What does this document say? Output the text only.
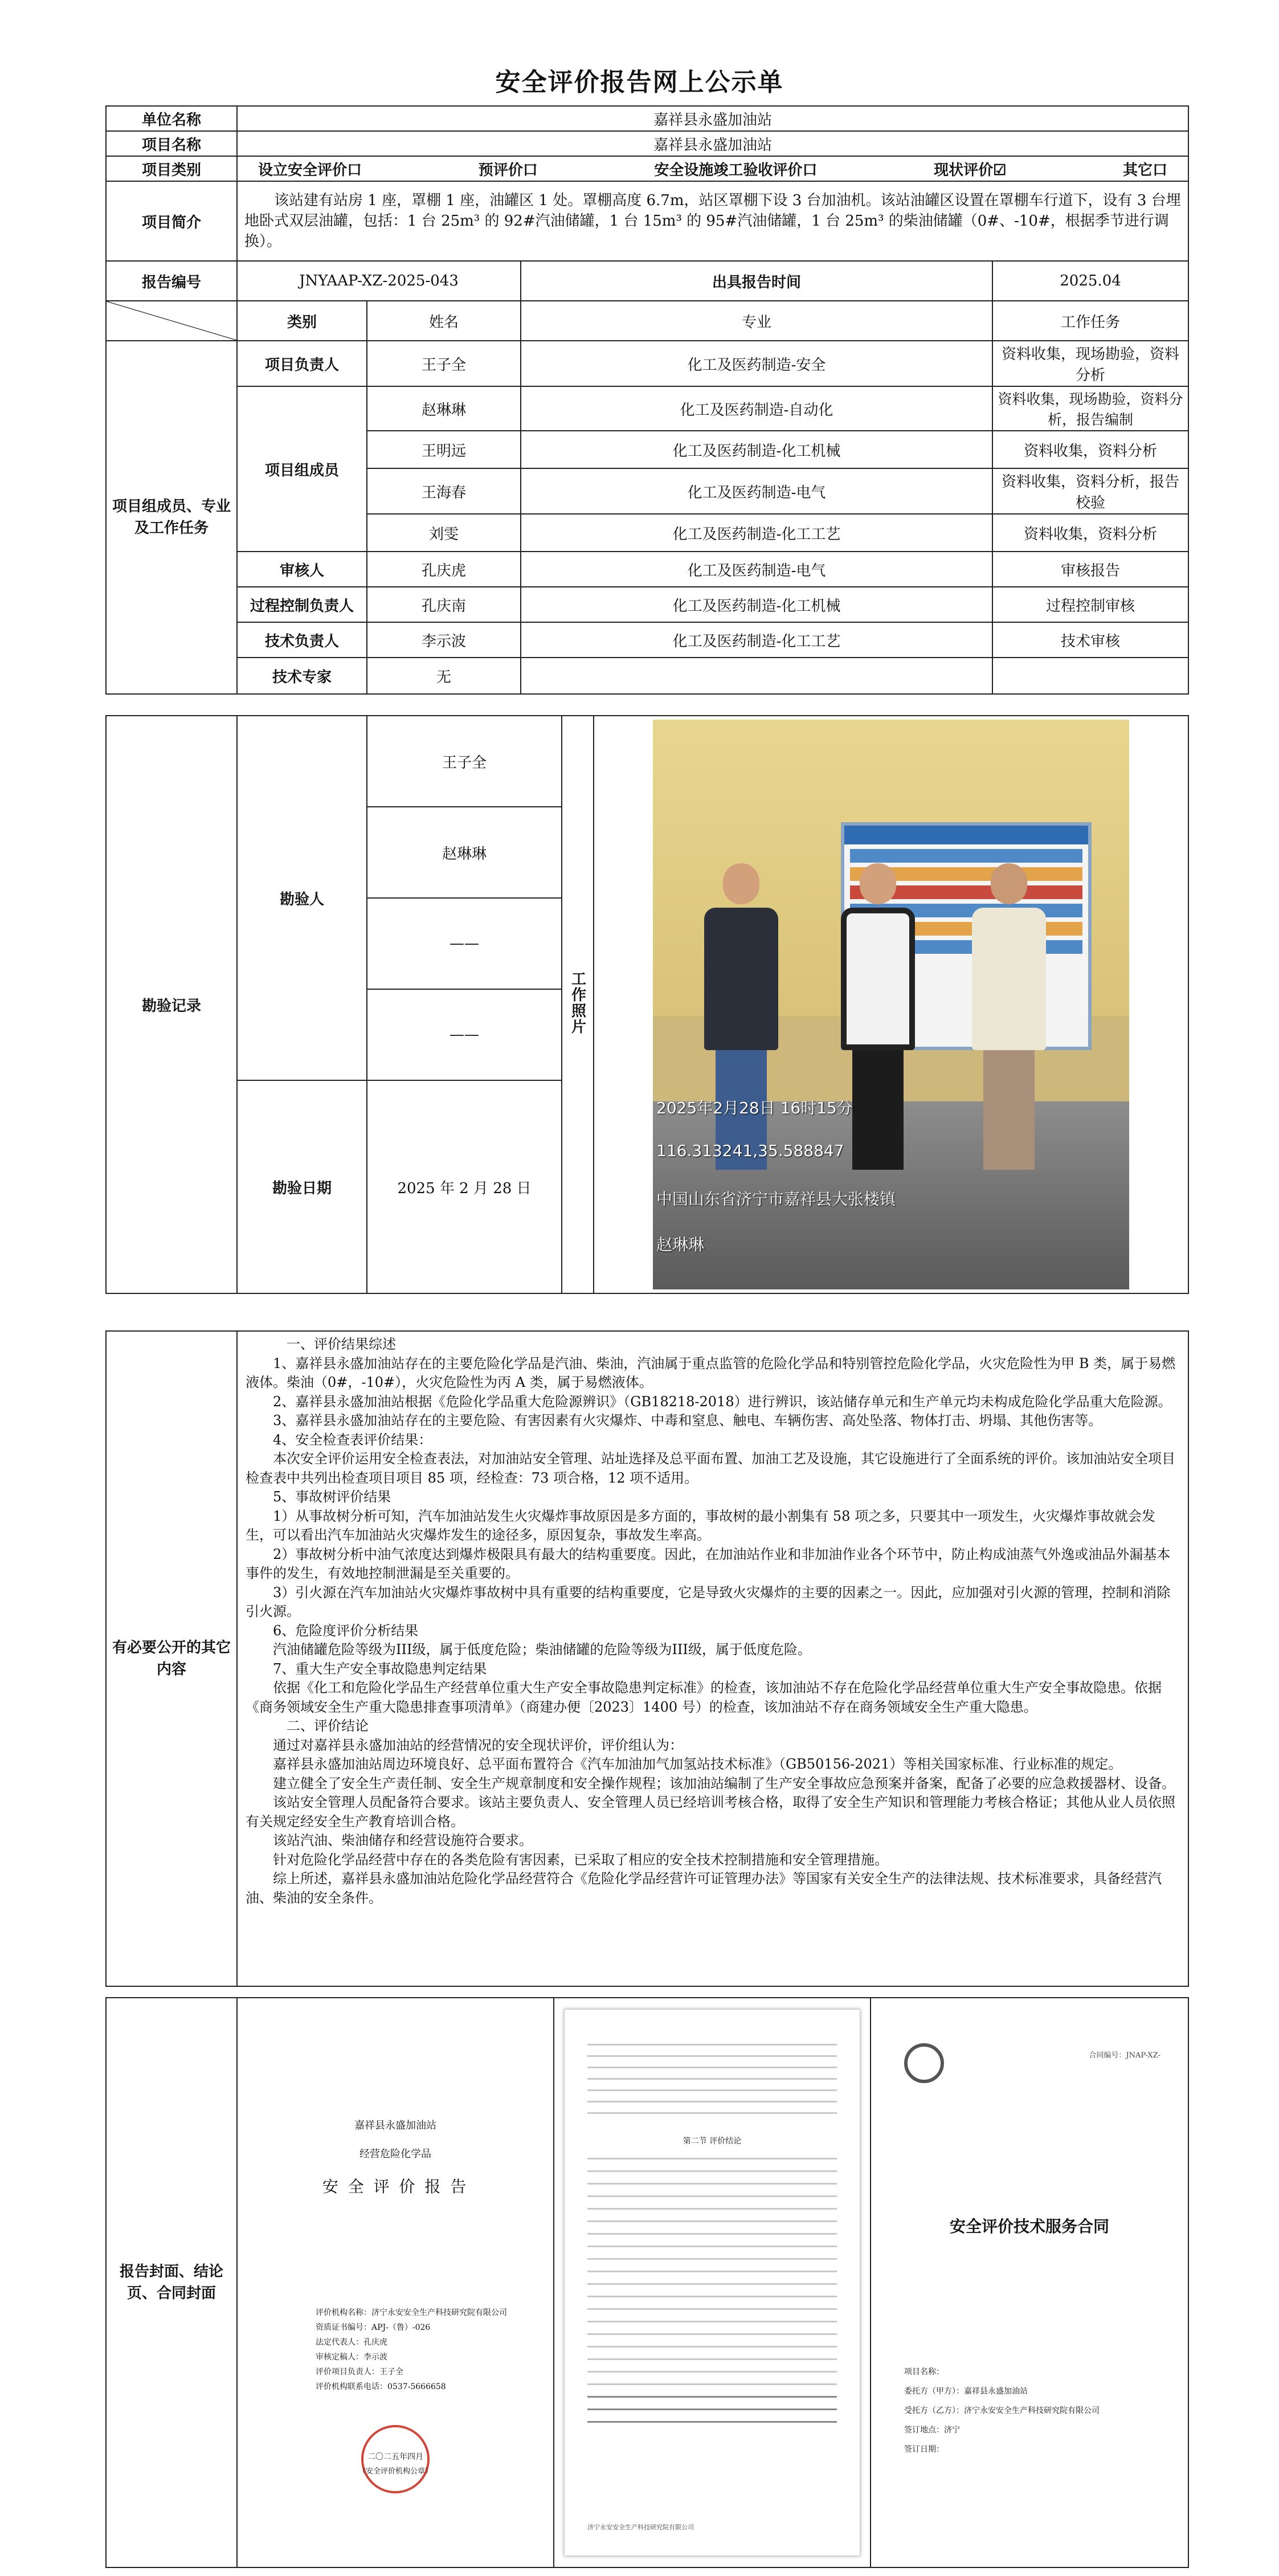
安全评价报告网上公示单
单位名称	嘉祥县永盛加油站			
项目名称	嘉祥县永盛加油站			
项目类别	设立安全评价口 预评价口 安全设施竣工验收评价口 现状评价☑ 其它口			

项目简介	该站建有站房 1 座，罩棚 1 座，油罐区 1 处。罩棚高度 6.7m，站区罩棚下设 3 台加油机。该站油罐区设置在罩棚车行道下，设有 3 台埋地卧式双层油罐，包括：1 台 25m³ 的 92#汽油储罐，1 台 15m³ 的 95#汽油储罐，1 台 25m³ 的柴油储罐（0#、-10#，根据季节进行调换）。			
报告编号	JNYAAP-XZ-2025-043		出具报告时间	2025.04

	类别	姓名	专业	工作任务
项目组成员、专业及工作任务	项目负责人	王子全	化工及医药制造-安全	资料收集，现场勘验，资料分析
	项目组成员	赵琳琳	化工及医药制造-自动化	资料收集，现场勘验，资料分析，报告编制
		王明远	化工及医药制造-化工机械	资料收集，资料分析
		王海春	化工及医药制造-电气	资料收集，资料分析，报告校验
		刘雯	化工及医药制造-化工工艺	资料收集，资料分析
	审核人	孔庆虎	化工及医药制造-电气	审核报告
	过程控制负责人	孔庆南	化工及医药制造-化工机械	过程控制审核
	技术负责人	李示波	化工及医药制造-化工工艺	技术审核
	技术专家	无		
勘验记录	勘验人	王子全	工作照片	2025年2月28日 16时15分
116.313241,35.588847
中国山东省济宁市嘉祥县大张楼镇
赵琳琳

		赵琳琳		
		——		
		——		
	勘验日期	2025 年 2 月 28 日		

有必要公开的其它内容	

一、评价结果综述

1、嘉祥县永盛加油站存在的主要危险化学品是汽油、柴油，汽油属于重点监管的危险化学品和特别管控危险化学品，火灾危险性为甲 B 类，属于易燃液体。柴油（0#，-10#），火灾危险性为丙 A 类，属于易燃液体。

2、嘉祥县永盛加油站根据《危险化学品重大危险源辨识》（GB18218-2018）进行辨识，该站储存单元和生产单元均未构成危险化学品重大危险源。

3、嘉祥县永盛加油站存在的主要危险、有害因素有火灾爆炸、中毒和窒息、触电、车辆伤害、高处坠落、物体打击、坍塌、其他伤害等。

4、安全检查表评价结果：

本次安全评价运用安全检查表法，对加油站安全管理、站址选择及总平面布置、加油工艺及设施，其它设施进行了全面系统的评价。该加油站安全项目检查表中共列出检查项目项目 85 项，经检查：73 项合格，12 项不适用。

5、事故树评价结果

1）从事故树分析可知，汽车加油站发生火灾爆炸事故原因是多方面的，事故树的最小割集有 58 项之多，只要其中一项发生，火灾爆炸事故就会发生，可以看出汽车加油站火灾爆炸发生的途径多，原因复杂，事故发生率高。

2）事故树分析中油气浓度达到爆炸极限具有最大的结构重要度。因此，在加油站作业和非加油作业各个环节中，防止构成油蒸气外逸或油品外漏基本事件的发生，有效地控制泄漏是至关重要的。

3）引火源在汽车加油站火灾爆炸事故树中具有重要的结构重要度，它是导致火灾爆炸的主要的因素之一。因此，应加强对引火源的管理，控制和消除引火源。

6、危险度评价分析结果

汽油储罐危险等级为III级，属于低度危险；柴油储罐的危险等级为III级，属于低度危险。

7、重大生产安全事故隐患判定结果

依据《化工和危险化学品生产经营单位重大生产安全事故隐患判定标准》的检查，该加油站不存在危险化学品经营单位重大生产安全事故隐患。依据《商务领域安全生产重大隐患排查事项清单》（商建办便〔2023〕1400 号）的检查，该加油站不存在商务领域安全生产重大隐患。

二、评价结论

通过对嘉祥县永盛加油站的经营情况的安全现状评价，评价组认为：

嘉祥县永盛加油站周边环境良好、总平面布置符合《汽车加油加气加氢站技术标准》（GB50156-2021）等相关国家标准、行业标准的规定。

建立健全了安全生产责任制、安全生产规章制度和安全操作规程；该加油站编制了生产安全事故应急预案并备案，配备了必要的应急救援器材、设备。

该站安全管理人员配备符合要求。该站主要负责人、安全管理人员已经培训考核合格，取得了安全生产知识和管理能力考核合格证；其他从业人员依照有关规定经安全生产教育培训合格。

该站汽油、柴油储存和经营设施符合要求。

针对危险化学品经营中存在的各类危险有害因素，已采取了相应的安全技术控制措施和安全管理措施。

综上所述，嘉祥县永盛加油站危险化学品经营符合《危险化学品经营许可证管理办法》等国家有关安全生产的法律法规、技术标准要求，具备经营汽油、柴油的安全条件。

报告封面、结论页、合同封面	
嘉祥县永盛加油站
经营危险化学品
安 全 评 价 报 告
评价机构名称：济宁永安安全生产科技研究院有限公司
资质证书编号：APJ-（鲁）-026
法定代表人：孔庆虎
审核定稿人：李示波
评价项目负责人：王子全
评价机构联系电话：0537-5666658
二〇二五年四月
（安全评价机构公章）

第二节 评价结论
济宁永安安全生产科技研究院有限公司

合同编号：JNAP-XZ-
安全评价技术服务合同
项目名称：
委托方（甲方）：嘉祥县永盛加油站
受托方（乙方）：济宁永安安全生产科技研究院有限公司
签订地点：济宁
签订日期：
